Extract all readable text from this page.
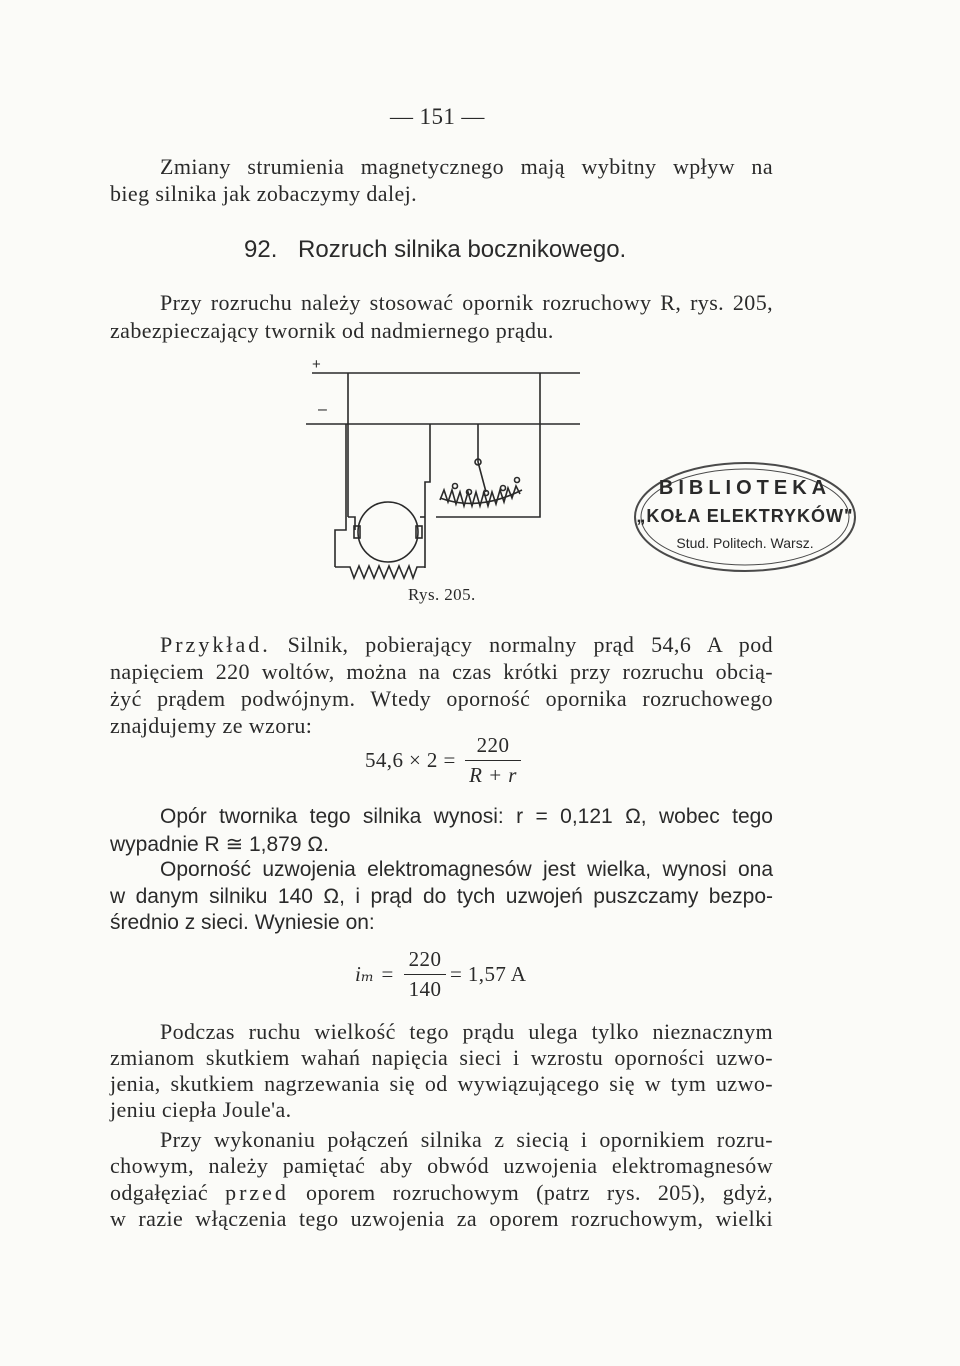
— 151 —
Zmiany strumienia magnetycznego mają wybitny wpływ na
bieg silnika jak zobaczymy dalej.
92. Rozruch silnika bocznikowego.
Przy rozruchu należy stosować opornik rozruchowy R, rys. 205,
zabezpieczający twornik od nadmiernego prądu.
+
–
BIBLIOTEKA
„KOŁA ELEKTRYKÓW"
Stud. Politech. Warsz.
Rys. 205.
Przykład. Silnik, pobierający normalny prąd 54,6 A pod
napięciem 220 woltów, można na czas krótki przy rozruchu obcią-
żyć prądem podwójnym. Wtedy oporność opornika rozruchowego
znajdujemy ze wzoru:
$54,6 \times 2 = \frac{220}{R + r}$
Opór twornika tego silnika wynosi: r = 0,121 Ω, wobec tego
wypadnie R ≅ 1,879 Ω.
Oporność uzwojenia elektromagnesów jest wielka, wynosi ona
w danym silniku 140 Ω, i prąd do tych uzwojeń puszczamy bezpo-
średnio z sieci. Wyniesie on:
$i_m = \frac{220}{140} = 1,57$ A
Podczas ruchu wielkość tego prądu ulega tylko nieznacznym
zmianom skutkiem wahań napięcia sieci i wzrostu oporności uzwo-
jenia, skutkiem nagrzewania się od wywiązującego się w tym uzwo-
jeniu ciepła Joule'a.
Przy wykonaniu połączeń silnika z siecią i opornikiem rozru-
chowym, należy pamiętać aby obwód uzwojenia elektromagnesów
odgałęziać przed oporem rozruchowym (patrz rys. 205), gdyż,
w razie włączenia tego uzwojenia za oporem rozruchowym, wielki
